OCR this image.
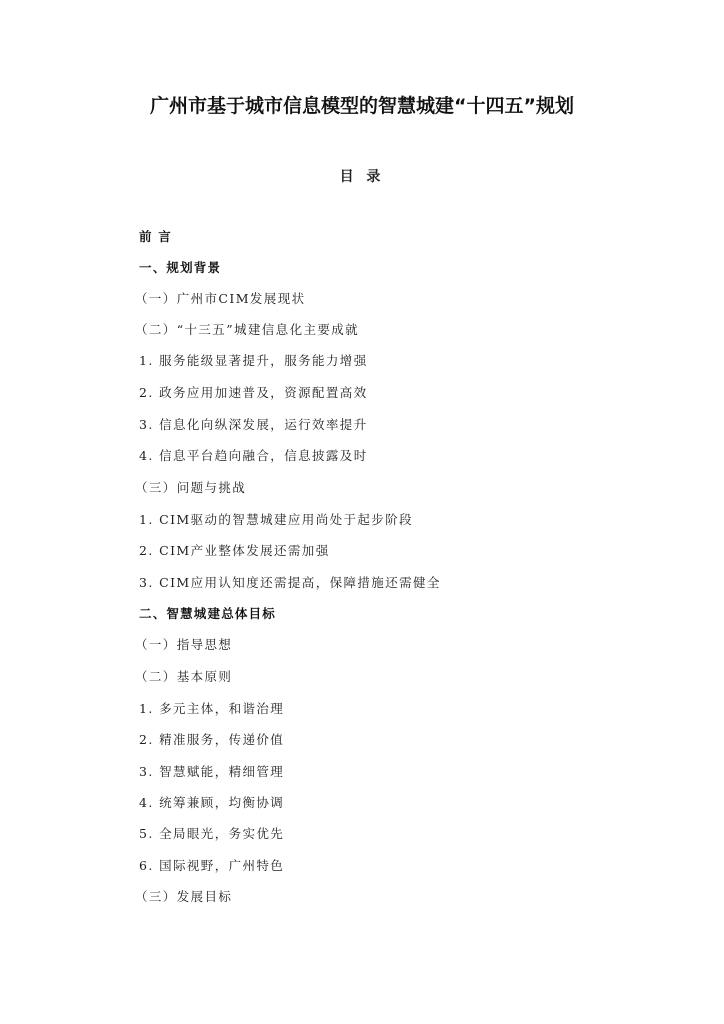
广州市基于城市信息模型的智慧城建“十四五”规划
目 录
前 言
一、规划背景
（一）广州市CIM发展现状
（二）“十三五”城建信息化主要成就
1. 服务能级显著提升，服务能力增强
2. 政务应用加速普及，资源配置高效
3. 信息化向纵深发展，运行效率提升
4. 信息平台趋向融合，信息披露及时
（三）问题与挑战
1. CIM驱动的智慧城建应用尚处于起步阶段
2. CIM产业整体发展还需加强
3. CIM应用认知度还需提高，保障措施还需健全
二、智慧城建总体目标
（一）指导思想
（二）基本原则
1. 多元主体，和谐治理
2. 精准服务，传递价值
3. 智慧赋能，精细管理
4. 统筹兼顾，均衡协调
5. 全局眼光，务实优先
6. 国际视野，广州特色
（三）发展目标
